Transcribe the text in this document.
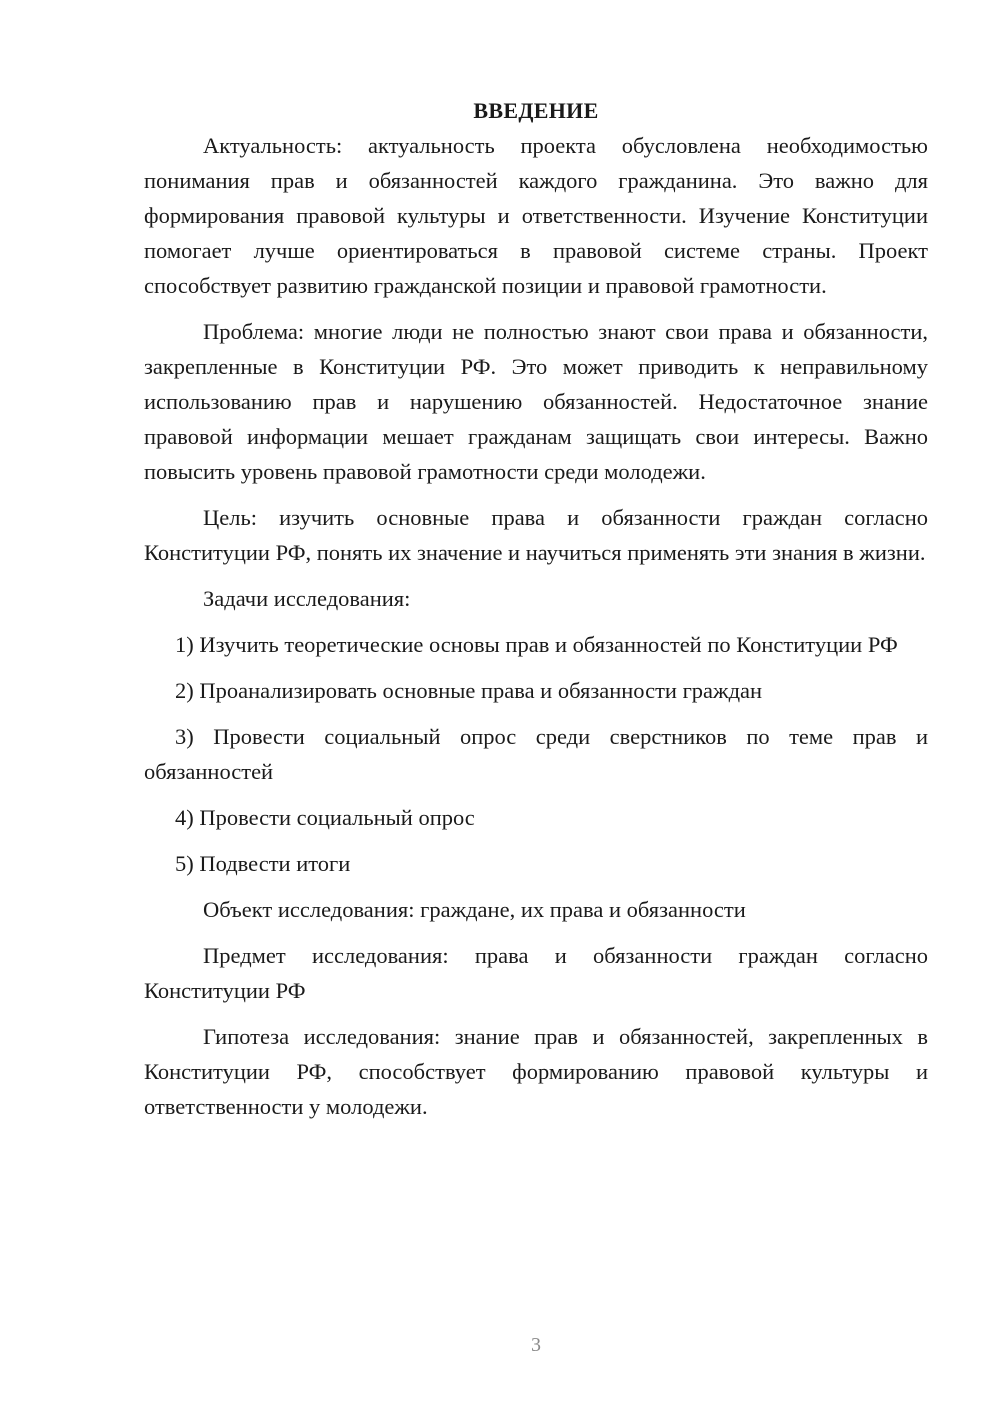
ВВЕДЕНИЕ

Актуальность: актуальность проекта обусловлена необходимостью понимания прав и обязанностей каждого гражданина. Это важно для формирования правовой культуры и ответственности. Изучение Конституции помогает лучше ориентироваться в правовой системе страны. Проект способствует развитию гражданской позиции и правовой грамотности.

Проблема: многие люди не полностью знают свои права и обязанности, закрепленные в Конституции РФ. Это может приводить к неправильному использованию прав и нарушению обязанностей. Недостаточное знание правовой информации мешает гражданам защищать свои интересы. Важно повысить уровень правовой грамотности среди молодежи.

Цель: изучить основные права и обязанности граждан согласно Конституции РФ, понять их значение и научиться применять эти знания в жизни.

Задачи исследования:

1) Изучить теоретические основы прав и обязанностей по Конституции РФ

2) Проанализировать основные права и обязанности граждан

3) Провести социальный опрос среди сверстников по теме прав и обязанностей

4) Провести социальный опрос

5) Подвести итоги

Объект исследования: граждане, их права и обязанности

Предмет исследования: права и обязанности граждан согласно Конституции РФ

Гипотеза исследования: знание прав и обязанностей, закрепленных в Конституции РФ, способствует формированию правовой культуры и ответственности у молодежи.

3
